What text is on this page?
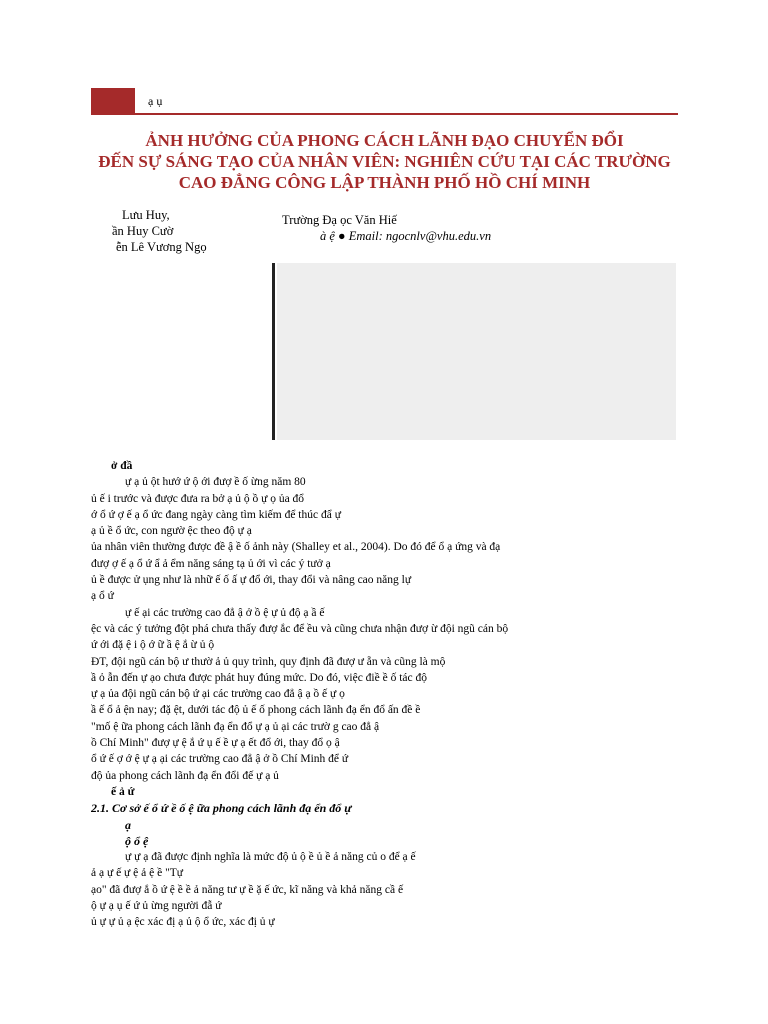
ạ ụ
ẢNH HƯỞNG CỦA PHONG CÁCH LÃNH ĐẠO CHUYỂN ĐỔI
ĐẾN SỰ SÁNG TẠO CỦA NHÂN VIÊN: NGHIÊN CỨU TẠI CÁC TRƯỜNG
CAO ĐẲNG CÔNG LẬP THÀNH PHỐ HỒ CHÍ MINH
Lưu Huy,
ần Huy Cườ
ễn Lê Vương Ngọ
Trường Đạ ọc Văn Hiế
à ệ ● Email: ngocnlv@vhu.edu.vn

ở đầ

ự ạ ủ ột hướ ứ ộ ới đượ ề ố ừng năm 80

ủ ế i trước và được đưa ra bở ạ ủ ộ ồ ự ọ ủa đổ

ớ ổ ứ ợ ế ạ ổ ức đang ngày càng tìm kiếm để thúc đẩ ự

ạ ủ ề ổ ức, con ngườ ệc theo độ ự ạ

ủa nhân viên thường được đề ậ ề ố ảnh này (Shalley et al., 2004). Do đó để ổ ạ ứng và đạ

đượ ợ ế ạ ổ ứ ẩ ả ểm năng sáng tạ ủ ới vì các ý tưở ạ

ủ ề được ử ụng như là nhữ ế ố ấ ự đổ ới, thay đổi và nâng cao năng lự

ạ ổ ứ

ự ế ại các trường cao đẳ ậ ở ồ ệ ự ủ độ ạ ầ ế

ệc và các ý tưởng đột phá chưa thấy đượ ắc để ều và cũng chưa nhận đượ ừ đội ngũ cán bộ

ứ ới đặ ệ i ộ ớ ữ ầ ệ ắ ừ ủ ộ

ĐT, đội ngũ cán bộ ư thườ ả ủ quy trình, quy định đã đượ ư ẵn và cũng là mộ

ầ ỏ ẫn đến ự ạo chưa được phát huy đúng mức. Do đó, việc điề ề ố tác độ

ự ạ ủa đội ngũ cán bộ ứ ại các trường cao đẳ ậ ạ ồ ế ự ọ

ầ ế ổ ả ện nay; đặ ệt, dưới tác độ ủ ế ố phong cách lãnh đạ ển đổ ấn đề ề

"mố ệ ữa phong cách lãnh đạ ển đổ ự ạ ủ ại các trườ g cao đẳ ậ

ồ Chí Minh" đượ ự ệ ắ ứ ụ ế ề ự ạ ết đổ ới, thay đổ ọ ậ

ổ ứ ế ợ ớ ệ ự ạ ại các trường cao đẳ ậ ở ồ Chí Minh để ứ

độ ủa phong cách lãnh đạ ển đổi đế ự ạ ủ

ế ả ứ

2.1. Cơ sở ế ổ ứ ề ố ệ ữa phong cách lãnh đạ ển đổ ự

ạ

ộ ổ ệ

ự ự ạ đã được định nghĩa là mức độ ủ ộ ề ủ ề ả năng củ o để ạ ế

ả ạ ự ế ự ệ ả ệ ề "Tự

ạo" đã đượ ắ ồ ứ ệ ề ề ả năng tư ự ề ặ ế ức, kĩ năng và khả năng cầ ế

ộ ự ạ ụ ế ứ ủ ừng người đẫ ứ

ủ ự ự ủ ạ ệc xác đị ạ ủ ộ ổ ức, xác đị ủ ự
